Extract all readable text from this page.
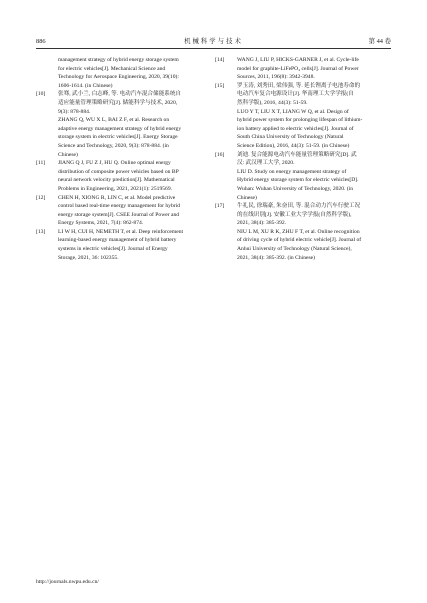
886	机械科学与技术	第 44 卷

management strategy of hybrid energy storage system

for electric vehicles[J]. Mechanical Science and

Technology for Aerospace Engineering, 2020, 39(10):

1606-1614. (in Chinese)

[10] 张骞, 武小兰, 白志峰, 等. 电动汽车混合储能系统自

适应能量管理策略研究[J]. 储能科学与技术, 2020,

9(3): 878-884.

ZHANG Q, WU X L, BAI Z F, et al. Research on

adaptive energy management strategy of hybrid energy

storage system in electric vehicles[J]. Energy Storage

Science and Technology, 2020, 9(3): 878-884. (in

Chinese)

[11] JIANG Q J, FU Z J, HU Q. Online optimal energy

distribution of composite power vehicles based on BP

neural network velocity prediction[J]. Mathematical

Problems in Engineering, 2021, 2021(1): 2519569.

[12] CHEN H, XIONG R, LIN C, et al. Model predictive

control based real-time energy management for hybrid

energy storage system[J]. CSEE Journal of Power and

Energy Systems, 2021, 7(4): 862-874.

[13] LI W H, CUI H, NEMETH T, et al. Deep reinforcement

learning-based energy management of hybrid battery

systems in electric vehicles[J]. Journal of Energy

Storage, 2021, 36: 102355.

[14] WANG J, LIU P, HICKS-GARNER J, et al. Cycle-life

model for graphite-LiFePO₄ cells[J]. Journal of Power

Sources, 2011, 196(8): 3942-3948.

[15] 罗玉涛, 刘秀田, 梁伟强, 等. 延长锂离子电池寿命的

电动汽车复合电源设计[J]. 华南理工大学学报(自

然科学版), 2016, 44(3): 51-59.

LUO Y T, LIU X T, LIANG W Q, et al. Design of

hybrid power system for prolonging lifespan of lithium-

ion battery applied to electric vehicles[J]. Journal of

South China University of Technology (Natural

Science Edition), 2016, 44(3): 51-59. (in Chinese)

[16] 刘迪. 复合能源电动汽车能量管理策略研究[D]. 武

汉: 武汉理工大学, 2020.

LIU D. Study on energy management strategy of

Hybrid energy storage system for electric vehicles[D].

Wuhan: Wuhan University of Technology, 2020. (in

Chinese)

[17] 牛礼民, 徐瑞豪, 朱奋田, 等. 混合动力汽车行驶工况

的在线识别[J]. 安徽工业大学学报(自然科学版),

2021, 38(4): 385-392.

NIU L M, XU R K, ZHU F T, et al. Online recognition

of driving cycle of hybrid electric vehicle[J]. Journal of

Anhui University of Technology (Natural Science),

2021, 38(4): 385-392. (in Chinese)

http://journals.nwpu.edu.cn/
